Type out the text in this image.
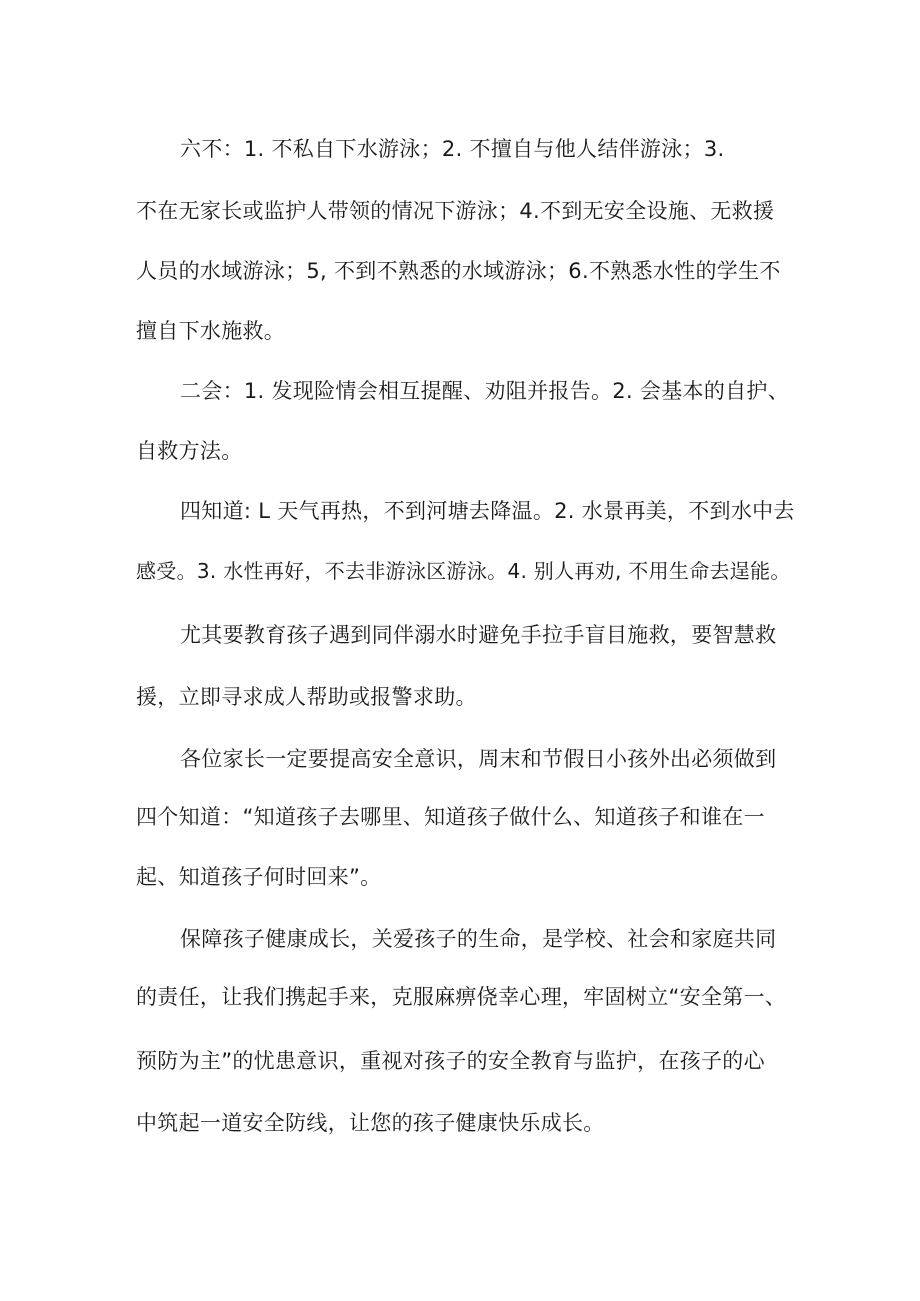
六不：1. 不私自下水游泳；2. 不擅自与他人结伴游泳；3.
不在无家长或监护人带领的情况下游泳；4.不到无安全设施、无救援
人员的水域游泳；5, 不到不熟悉的水域游泳；6.不熟悉水性的学生不
擅自下水施救。
二会：1. 发现险情会相互提醒、劝阻并报告。2. 会基本的自护、
自救方法。
四知道: L 天气再热，不到河塘去降温。2. 水景再美，不到水中去
感受。3. 水性再好，不去非游泳区游泳。4. 别人再劝, 不用生命去逞能。
尤其要教育孩子遇到同伴溺水时避免手拉手盲目施救，要智慧救
援，立即寻求成人帮助或报警求助。
各位家长一定要提高安全意识，周末和节假日小孩外出必须做到
四个知道：“知道孩子去哪里、知道孩子做什么、知道孩子和谁在一
起、知道孩子何时回来”。
保障孩子健康成长，关爱孩子的生命，是学校、社会和家庭共同
的责任，让我们携起手来，克服麻痹侥幸心理，牢固树立“安全第一、
预防为主”的忧患意识，重视对孩子的安全教育与监护，在孩子的心
中筑起一道安全防线，让您的孩子健康快乐成长。
